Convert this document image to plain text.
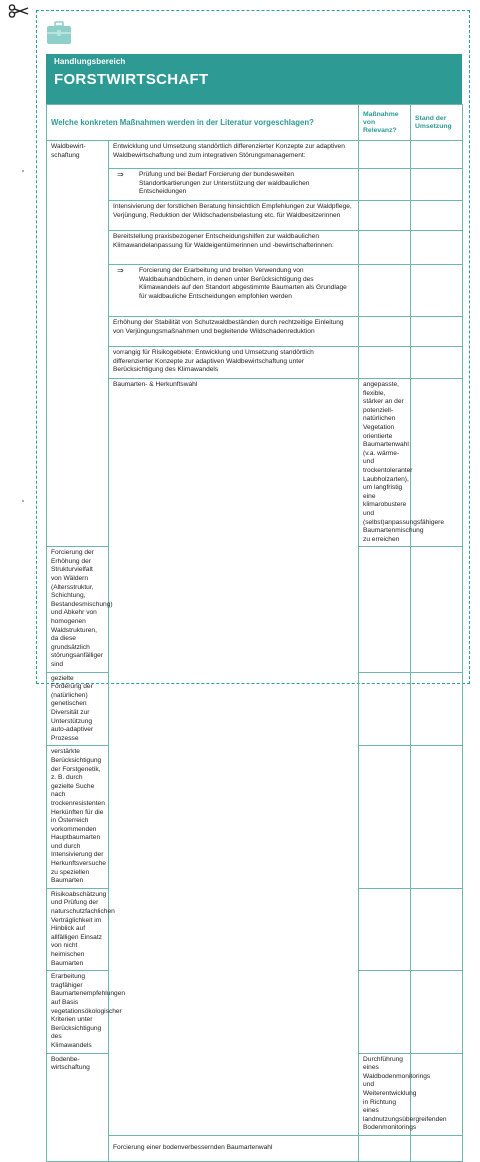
Handlungsbereich
FORSTWIRTSCHAFT
Welche konkreten Maßnahmen werden in der Literatur vorgeschlagen?		Maßnahme von Relevanz?	Stand der Umsetzung	
Waldbewirt-schaftung	Entwicklung und Umsetzung standörtlich differenzierter Konzepte zur adaptiven Waldbewirtschaftung und zum integrativen Störungsmanagement:			

	⇒ Prüfung und bei Bedarf Forcierung der bundesweiten Standortkartierungen zur Unterstützung der waldbaulichen Entscheidungen			

	Intensivierung der forstlichen Beratung hinsichtlich Empfehlungen zur Waldpflege, Verjüngung, Reduktion der Wildschadensbelastung etc. für Waldbesitzerinnen			
	Bereitstellung praxisbezogener Entscheidungshilfen zur waldbaulichen Klimawandelanpassung für Waldeigentümerinnen und -bewirtschafterinnen:			

	⇒ Forcierung der Erarbeitung und breiten Verwendung von Waldbauhandbüchern, in denen unter Berücksichtigung des Klimawandels auf den Standort abgestimmte Baumarten als Grundlage für waldbauliche Entscheidungen empfohlen werden			

	Erhöhung der Stabilität von Schutzwaldbeständen durch rechtzeitige Einleitung von Verjüngungsmaßnahmen und begleitende Wildschadenreduktion			
	vorrangig für Risikogebiete: Entwicklung und Umsetzung standörtlich differenzierter Konzepte zur adaptiven Waldbewirtschaftung unter Berücksichtigung des Klimawandels			
	Baumarten- & Herkunftswahl	angepasste, flexible, stärker an der potenziell-natürlichen Vegetation orientierte Baumartenwahl (v.a. wärme- und trockentoleranter Laubholzarten), um langfristig eine klimarobustere und (selbst)anpassungsfähigere Baumartenmischung zu erreichen		
Forcierung der Erhöhung der Strukturvielfalt von Wäldern (Altersstruktur, Schichtung, Bestandesmischung) und Abkehr von homogenen Waldstrukturen, da diese grundsätzlich störungsanfälliger sind				
gezielte Förderung der (natürlichen) genetischen Diversität zur Unterstützung auto-adaptiver Prozesse				
verstärkte Berücksichtigung der Forstgenetik, z. B. durch gezielte Suche nach trockenresistenten Herkünften für die in Österreich vorkommenden Hauptbaumarten und durch Intensivierung der Herkunftsversuche zu speziellen Baumarten				
Risikoabschätzung und Prüfung der naturschutzfachlichen Verträglichkeit im Hinblick auf allfälligen Einsatz von nicht heimischen Baumarten				
Erarbeitung tragfähiger Baumartenempfehlungen auf Basis vegetationsökologischer Kriterien unter Berücksichtigung des Klimawandels				
Bodenbe-wirtschaftung		Durchführung eines Waldbodenmonitorings und Weiterentwicklung in Richtung eines landnutzungsübergreifenden Bodenmonitorings		
	Forcierung einer bodenverbessernden Baumartenwahl			
